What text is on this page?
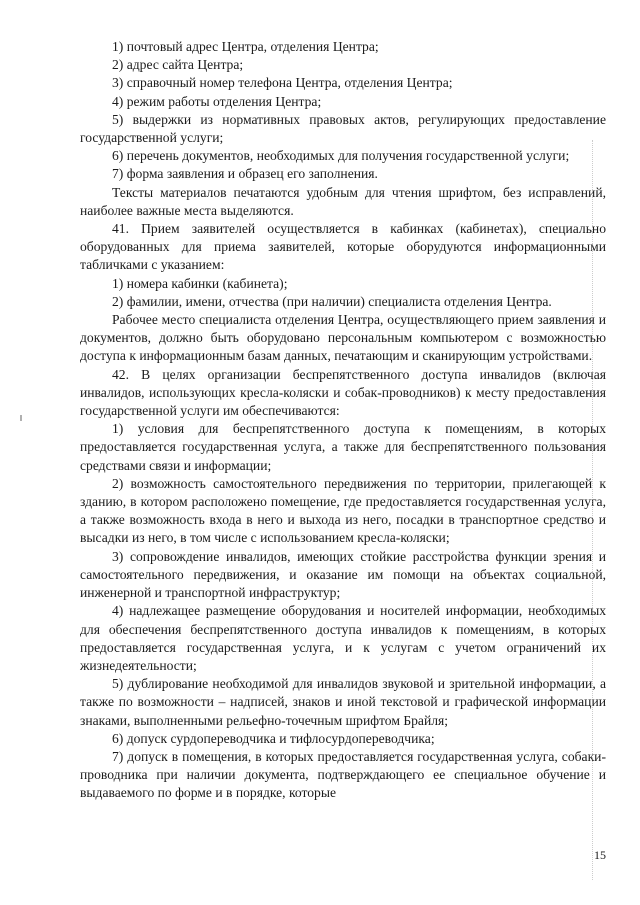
1) почтовый адрес Центра, отделения Центра;

2) адрес сайта Центра;

3) справочный номер телефона Центра, отделения Центра;

4) режим работы отделения Центра;

5) выдержки из нормативных правовых актов, регулирующих предоставление государственной услуги;

6) перечень документов, необходимых для получения государственной услуги;

7) форма заявления и образец его заполнения.

Тексты материалов печатаются удобным для чтения шрифтом, без исправлений, наиболее важные места выделяются.

41. Прием заявителей осуществляется в кабинках (кабинетах), специально оборудованных для приема заявителей, которые оборудуются информационными табличками с указанием:

1) номера кабинки (кабинета);

2) фамилии, имени, отчества (при наличии) специалиста отделения Центра.

Рабочее место специалиста отделения Центра, осуществляющего прием заявления и документов, должно быть оборудовано персональным компьютером с возможностью доступа к информационным базам данных, печатающим и сканирующим устройствами.

42. В целях организации беспрепятственного доступа инвалидов (включая инвалидов, использующих кресла-коляски и собак-проводников) к месту предоставления государственной услуги им обеспечиваются:

1) условия для беспрепятственного доступа к помещениям, в которых предоставляется государственная услуга, а также для беспрепятственного пользования средствами связи и информации;

2) возможность самостоятельного передвижения по территории, прилегающей к зданию, в котором расположено помещение, где предоставляется государственная услуга, а также возможность входа в него и выхода из него, посадки в транспортное средство и высадки из него, в том числе с использованием кресла-коляски;

3) сопровождение инвалидов, имеющих стойкие расстройства функции зрения и самостоятельного передвижения, и оказание им помощи на объектах социальной, инженерной и транспортной инфраструктур;

4) надлежащее размещение оборудования и носителей информации, необходимых для обеспечения беспрепятственного доступа инвалидов к помещениям, в которых предоставляется государственная услуга, и к услугам с учетом ограничений их жизнедеятельности;

5) дублирование необходимой для инвалидов звуковой и зрительной информации, а также по возможности – надписей, знаков и иной текстовой и графической информации знаками, выполненными рельефно-точечным шрифтом Брайля;

6) допуск сурдопереводчика и тифлосурдопереводчика;

7) допуск в помещения, в которых предоставляется государственная услуга, собаки-проводника при наличии документа, подтверждающего ее специальное обучение и выдаваемого по форме и в порядке, которые

15
